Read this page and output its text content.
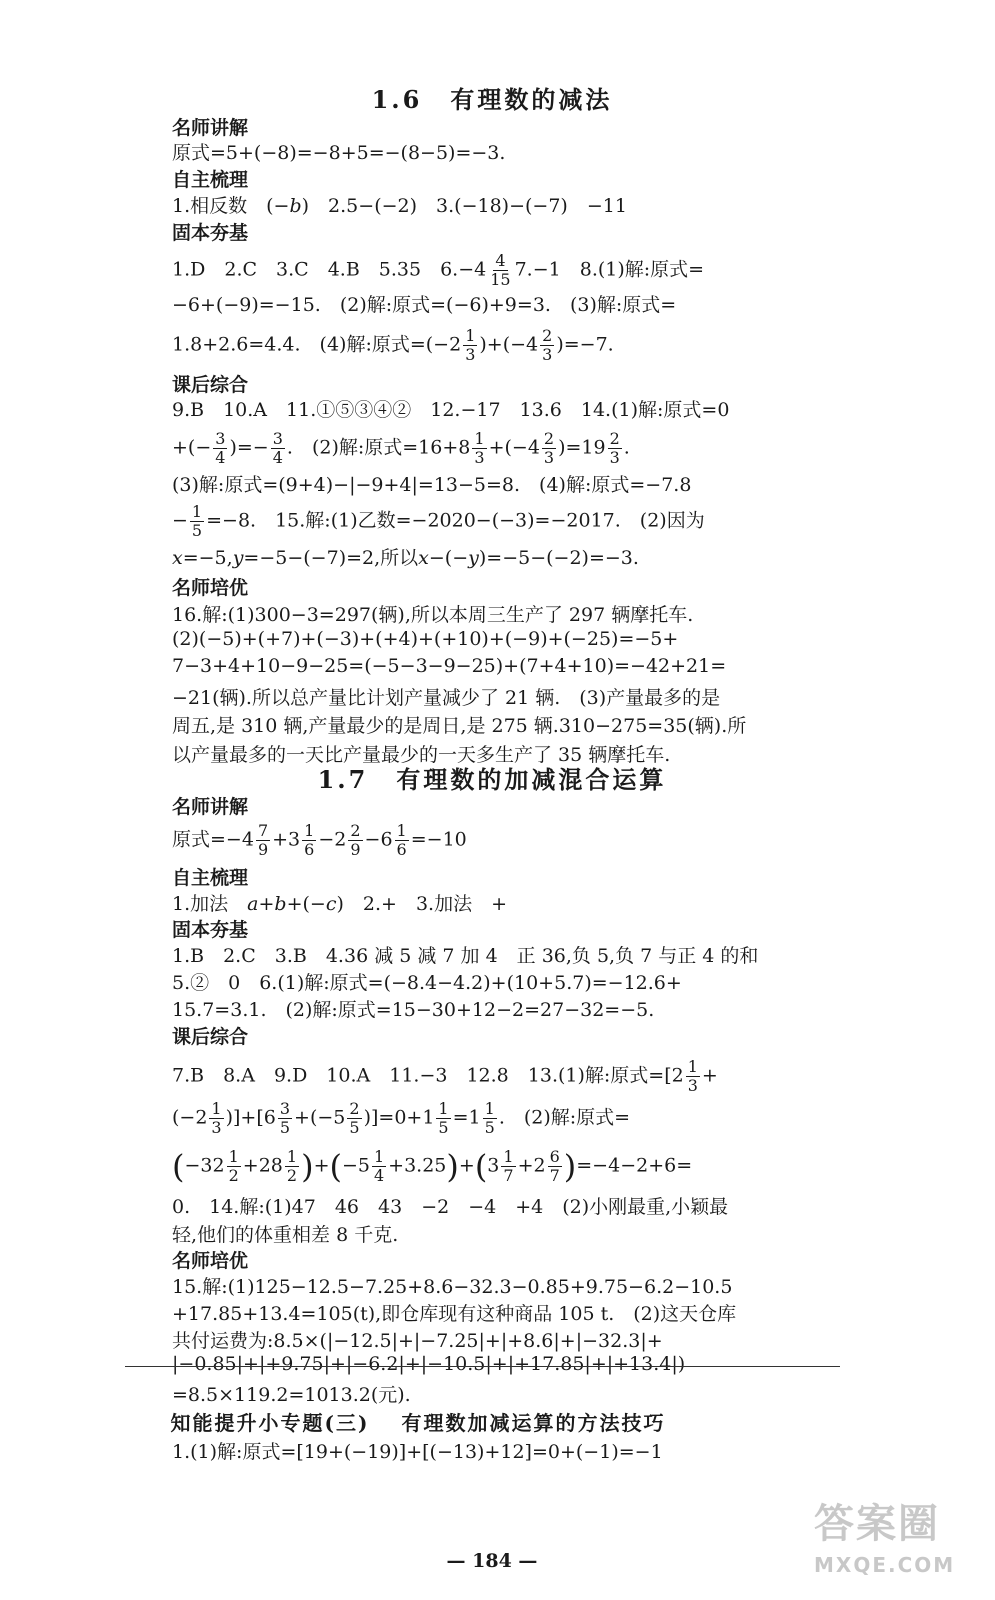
1.6 有理数的减法
名师讲解
原式=5+(−8)=−8+5=−(8−5)=−3.
自主梳理
1.相反数　(−b)　2.5−(−2)　3.(−18)−(−7)　−11
固本夯基
1.D　2.C　3.C　4.B　5.35　$6.-4 \frac{4}{15} 7.-1$　8.(1)解:原式=
−6+(−9)=−15.　(2)解:原式=(−6)+9=3.　(3)解:原式=
1.8+2.6=4.4.　(4)解:原式$=(-2 \frac{1}{3} )+(-4 \frac{2}{3} )=-7$.
课后综合
9.B　10.A　11.①⑤③④②　12.−17　13.6　14.(1)解:原式=0
+(− $\frac{3}{4}$ )=− $\frac{3}{4}$ .　(2)解:原式$=16+8 \frac{1}{3} +(-4 \frac{2}{3} )=19 \frac{2}{3}$ .
(3)解:原式=(9+4)−|−9+4|=13−5=8.　(4)解:原式=−7.8
− $\frac{1}{5} =-8$.　15.解:(1)乙数=−2020−(−3)=−2017.　(2)因为
x=−5,y=−5−(−7)=2,所以x−(−y)=−5−(−2)=−3.
名师培优
16.解:(1)300−3=297(辆),所以本周三生产了 297 辆摩托车.
(2)(−5)+(+7)+(−3)+(+4)+(+10)+(−9)+(−25)=−5+
7−3+4+10−9−25=(−5−3−9−25)+(7+4+10)=−42+21=
−21(辆).所以总产量比计划产量减少了 21 辆.　(3)产量最多的是
周五,是 310 辆,产量最少的是周日,是 275 辆.310−275=35(辆).所
以产量最多的一天比产量最少的一天多生产了 35 辆摩托车.
1.7 有理数的加减混合运算
名师讲解
原式$=-4 \frac{7}{9} +3 \frac{1}{6} -2 \frac{2}{9} -6 \frac{1}{6} =-10$
自主梳理
1.加法　a+b+(−c)　2.+　3.加法　+
固本夯基
1.B　2.C　3.B　4.36 减 5 减 7 加 4　正 36,负 5,负 7 与正 4 的和
5.②　0　6.(1)解:原式=(−8.4−4.2)+(10+5.7)=−12.6+
15.7=3.1.　(2)解:原式=15−30+12−2=27−32=−5.
课后综合
7.B　8.A　9.D　10.A　11.−3　12.8　13.(1)解:原式$=[2 \frac{1}{3}$ +
$(-2 \frac{1}{3} )]+[6 \frac{3}{5} +(-5 \frac{2}{5} )]=0+1 \frac{1}{5} =1 \frac{1}{5}$ .　(2)解:原式=
$(-32 \frac{1}{2} +28 \frac{1}{2} )+(-5 \frac{1}{4} +3.25)+(3 \frac{1}{7} +2 \frac{6}{7} )=-4-2+6=$
0.　14.解:(1)47　46　43　−2　−4　+4　(2)小刚最重,小颖最
轻,他们的体重相差 8 千克.
名师培优
15.解:(1)125−12.5−7.25+8.6−32.3−0.85+9.75−6.2−10.5
+17.85+13.4=105(t),即仓库现有这种商品 105 t.　(2)这天仓库
共付运费为:8.5×(|−12.5|+|−7.25|+|+8.6|+|−32.3|+
|−0.85|+|+9.75|+|−6.2|+|−10.5|+|+17.85|+|+13.4|)
=8.5×119.2=1013.2(元).
— 184 —
知能提升小专题(三) 有理数加减运算的方法技巧
1.(1)解:原式=[19+(−19)]+[(−13)+12]=0+(−1)=−1
答案圈
MXQE.COM
